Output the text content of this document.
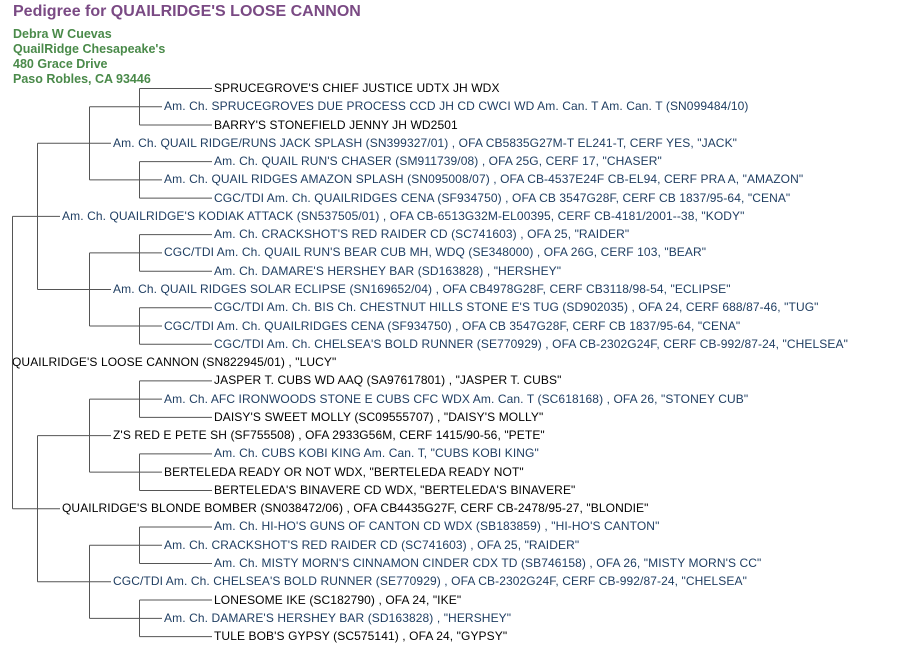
Pedigree for QUAILRIDGE'S LOOSE CANNON
Debra W Cuevas
QuailRidge Chesapeake's
480 Grace Drive
Paso Robles, CA 93446
SPRUCEGROVE'S CHIEF JUSTICE UDTX JH WDX
Am. Ch. SPRUCEGROVES DUE PROCESS CCD JH CD CWCI WD Am. Can. T Am. Can. T (SN099484/10)
BARRY'S STONEFIELD JENNY JH WD2501
Am. Ch. QUAIL RIDGE/RUNS JACK SPLASH (SN399327/01) , OFA CB5835G27M-T EL241-T, CERF YES, "JACK"
Am. Ch. QUAIL RUN'S CHASER (SM911739/08) , OFA 25G, CERF 17, "CHASER"
Am. Ch. QUAIL RIDGES AMAZON SPLASH (SN095008/07) , OFA CB-4537E24F CB-EL94, CERF PRA A, "AMAZON"
CGC/TDI Am. Ch. QUAILRIDGES CENA (SF934750) , OFA CB 3547G28F, CERF CB 1837/95-64, "CENA"
Am. Ch. QUAILRIDGE'S KODIAK ATTACK (SN537505/01) , OFA CB-6513G32M-EL00395, CERF CB-4181/2001--38, "KODY"
Am. Ch. CRACKSHOT'S RED RAIDER CD (SC741603) , OFA 25, "RAIDER"
CGC/TDI Am. Ch. QUAIL RUN'S BEAR CUB MH, WDQ (SE348000) , OFA 26G, CERF 103, "BEAR"
Am. Ch. DAMARE'S HERSHEY BAR (SD163828) , "HERSHEY"
Am. Ch. QUAIL RIDGES SOLAR ECLIPSE (SN169652/04) , OFA CB4978G28F, CERF CB3118/98-54, "ECLIPSE"
CGC/TDI Am. Ch. BIS Ch. CHESTNUT HILLS STONE E'S TUG (SD902035) , OFA 24, CERF 688/87-46, "TUG"
CGC/TDI Am. Ch. QUAILRIDGES CENA (SF934750) , OFA CB 3547G28F, CERF CB 1837/95-64, "CENA"
CGC/TDI Am. Ch. CHELSEA'S BOLD RUNNER (SE770929) , OFA CB-2302G24F, CERF CB-992/87-24, "CHELSEA"
QUAILRIDGE'S LOOSE CANNON (SN822945/01) , "LUCY"
JASPER T. CUBS WD AAQ (SA97617801) , "JASPER T. CUBS"
Am. Ch. AFC IRONWOODS STONE E CUBS CFC WDX Am. Can. T (SC618168) , OFA 26, "STONEY CUB"
DAISY'S SWEET MOLLY (SC09555707) , "DAISY'S MOLLY"
Z'S RED E PETE SH (SF755508) , OFA 2933G56M, CERF 1415/90-56, "PETE"
Am. Ch. CUBS KOBI KING Am. Can. T, "CUBS KOBI KING"
BERTELEDA READY OR NOT WDX, "BERTELEDA READY NOT"
BERTELEDA'S BINAVERE CD WDX, "BERTELEDA'S BINAVERE"
QUAILRIDGE'S BLONDE BOMBER (SN038472/06) , OFA CB4435G27F, CERF CB-2478/95-27, "BLONDIE"
Am. Ch. HI-HO'S GUNS OF CANTON CD WDX (SB183859) , "HI-HO'S CANTON"
Am. Ch. CRACKSHOT'S RED RAIDER CD (SC741603) , OFA 25, "RAIDER"
Am. Ch. MISTY MORN'S CINNAMON CINDER CDX TD (SB746158) , OFA 26, "MISTY MORN'S CC"
CGC/TDI Am. Ch. CHELSEA'S BOLD RUNNER (SE770929) , OFA CB-2302G24F, CERF CB-992/87-24, "CHELSEA"
LONESOME IKE (SC182790) , OFA 24, "IKE"
Am. Ch. DAMARE'S HERSHEY BAR (SD163828) , "HERSHEY"
TULE BOB'S GYPSY (SC575141) , OFA 24, "GYPSY"
